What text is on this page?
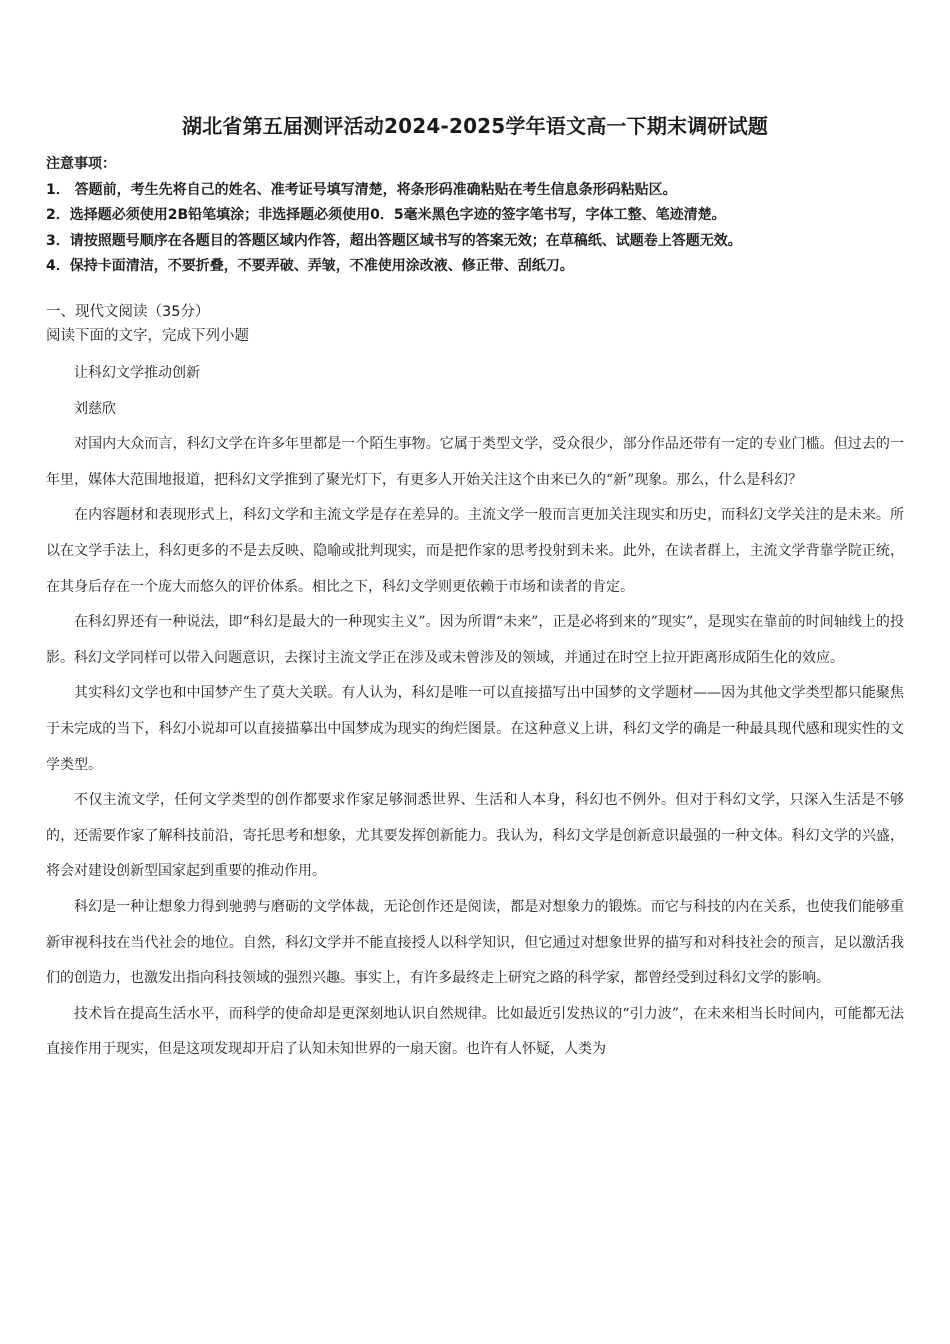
湖北省第五届测评活动2024-2025学年语文高一下期末调研试题
注意事项：
1． 答题前，考生先将自己的姓名、准考证号填写清楚，将条形码准确粘贴在考生信息条形码粘贴区。
2．选择题必须使用2B铅笔填涂；非选择题必须使用0．5毫米黑色字迹的签字笔书写，字体工整、笔迹清楚。
3．请按照题号顺序在各题目的答题区域内作答，超出答题区域书写的答案无效；在草稿纸、试题卷上答题无效。
4．保持卡面清洁，不要折叠，不要弄破、弄皱，不准使用涂改液、修正带、刮纸刀。
一、现代文阅读（35分）
阅读下面的文字，完成下列小题
让科幻文学推动创新
刘慈欣

对国内大众而言，科幻文学在许多年里都是一个陌生事物。它属于类型文学，受众很少，部分作品还带有一定的专业门槛。但过去的一年里，媒体大范围地报道，把科幻文学推到了聚光灯下，有更多人开始关注这个由来已久的“新”现象。那么，什么是科幻？

在内容题材和表现形式上，科幻文学和主流文学是存在差异的。主流文学一般而言更加关注现实和历史，而科幻文学关注的是未来。所以在文学手法上，科幻更多的不是去反映、隐喻或批判现实，而是把作家的思考投射到未来。此外，在读者群上，主流文学背靠学院正统，在其身后存在一个庞大而悠久的评价体系。相比之下，科幻文学则更依赖于市场和读者的肯定。

在科幻界还有一种说法，即“科幻是最大的一种现实主义”。因为所谓“未来”，正是必将到来的”现实”，是现实在靠前的时间轴线上的投影。科幻文学同样可以带入问题意识，去探讨主流文学正在涉及或未曾涉及的领域，并通过在时空上拉开距离形成陌生化的效应。

其实科幻文学也和中国梦产生了莫大关联。有人认为，科幻是唯一可以直接描写出中国梦的文学题材——因为其他文学类型都只能聚焦于未完成的当下，科幻小说却可以直接描摹出中国梦成为现实的绚烂图景。在这种意义上讲，科幻文学的确是一种最具现代感和现实性的文学类型。

不仅主流文学，任何文学类型的创作都要求作家足够洞悉世界、生活和人本身，科幻也不例外。但对于科幻文学，只深入生活是不够的，还需要作家了解科技前沿，寄托思考和想象，尤其要发挥创新能力。我认为，科幻文学是创新意识最强的一种文体。科幻文学的兴盛，将会对建设创新型国家起到重要的推动作用。

科幻是一种让想象力得到驰骋与磨砺的文学体裁，无论创作还是阅读，都是对想象力的锻炼。而它与科技的内在关系，也使我们能够重新审视科技在当代社会的地位。自然，科幻文学并不能直接授人以科学知识，但它通过对想象世界的描写和对科技社会的预言，足以激活我们的创造力，也激发出指向科技领域的强烈兴趣。事实上，有许多最终走上研究之路的科学家，都曾经受到过科幻文学的影响。

技术旨在提高生活水平，而科学的使命却是更深刻地认识自然规律。比如最近引发热议的“引力波”，在未来相当长时间内，可能都无法直接作用于现实，但是这项发现却开启了认知未知世界的一扇天窗。也许有人怀疑，人类为
